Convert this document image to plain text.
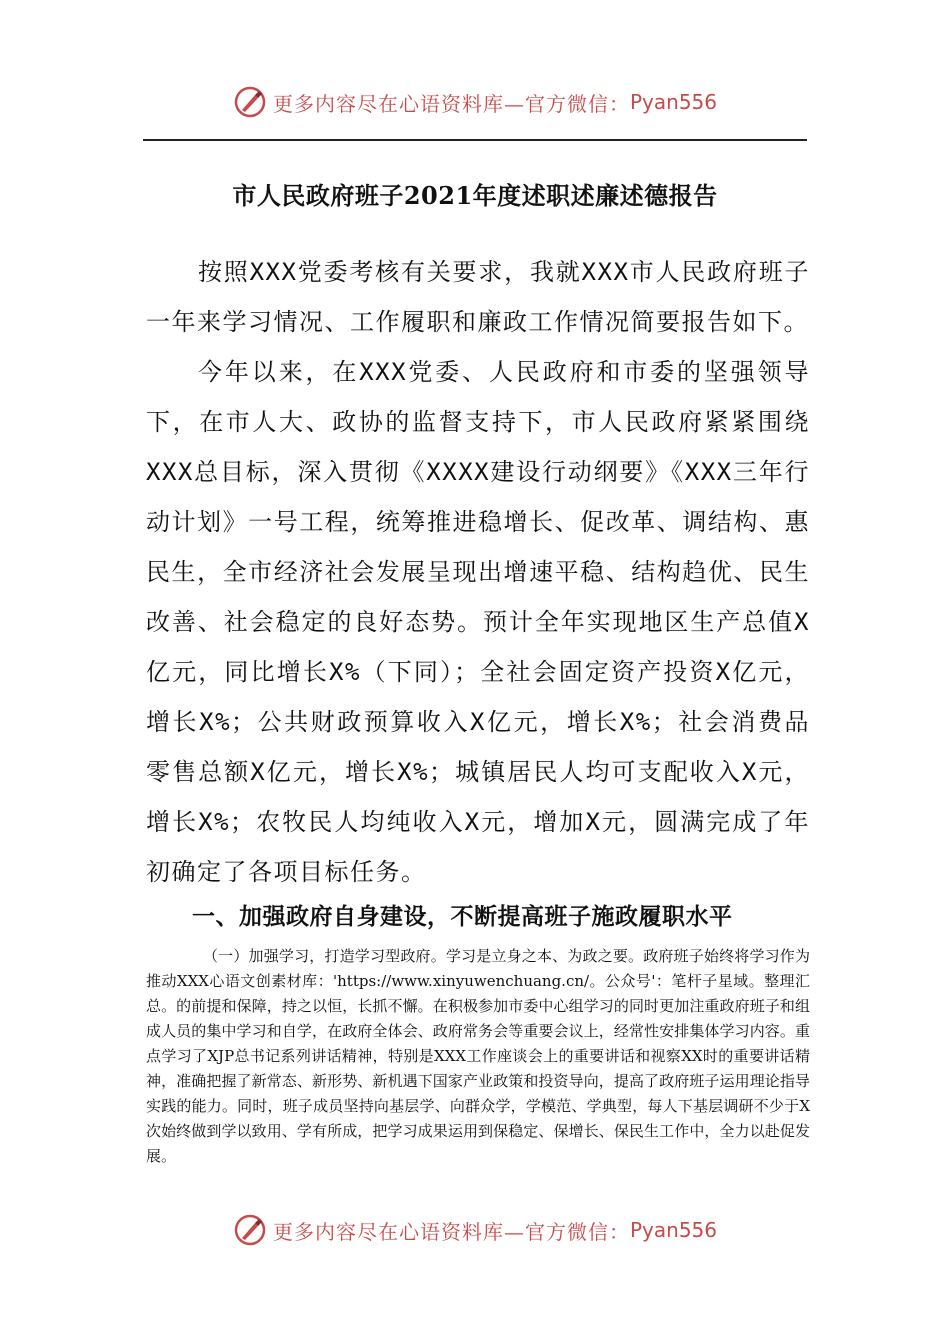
更多内容尽在心语资料库—官方微信： Pyan556
市人民政府班子2021年度述职述廉述德报告

按照XXX党委考核有关要求，我就XXX市人民政府班子一年来学习情况、工作履职和廉政工作情况简要报告如下。

今年以来，在XXX党委、人民政府和市委的坚强领导下，在市人大、政协的监督支持下，市人民政府紧紧围绕XXX总目标，深入贯彻《XXXX建设行动纲要》《XXX三年行动计划》一号工程，统筹推进稳增长、促改革、调结构、惠民生，全市经济社会发展呈现出增速平稳、结构趋优、民生改善、社会稳定的良好态势。预计全年实现地区生产总值X亿元，同比增长X%（下同）；全社会固定资产投资X亿元，增长X%；公共财政预算收入X亿元，增长X%；社会消费品零售总额X亿元，增长X%；城镇居民人均可支配收入X元，增长X%；农牧民人均纯收入X元，增加X元，圆满完成了年初确定了各项目标任务。

一、加强政府自身建设，不断提高班子施政履职水平

（一）加强学习，打造学习型政府。学习是立身之本、为政之要。政府班子始终将学习作为推动XXX心语文创素材库：'https://www.xinyuwenchuang.cn/。公众号'：笔杆子星域。整理汇总。的前提和保障，持之以恒，长抓不懈。在积极参加市委中心组学习的同时更加注重政府班子和组成人员的集中学习和自学，在政府全体会、政府常务会等重要会议上，经常性安排集体学习内容。重点学习了XJP总书记系列讲话精神，特别是XXX工作座谈会上的重要讲话和视察XX时的重要讲话精神，准确把握了新常态、新形势、新机遇下国家产业政策和投资导向，提高了政府班子运用理论指导实践的能力。同时，班子成员坚持向基层学、向群众学，学模范、学典型，每人下基层调研不少于X次始终做到学以致用、学有所成，把学习成果运用到保稳定、保增长、保民生工作中，全力以赴促发展。

更多内容尽在心语资料库—官方微信： Pyan556
